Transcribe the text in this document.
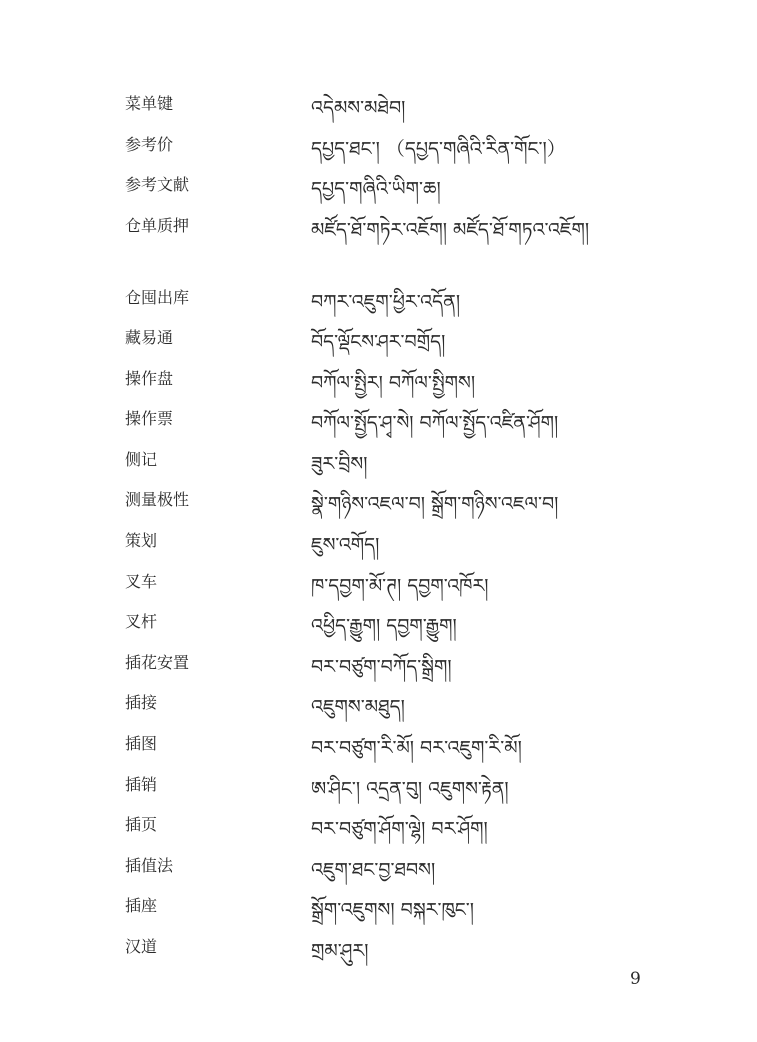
菜单键	འདེམས་མཐེབ།
参考价	དཔྱད་ཐང་། （དཔྱད་གཞིའི་རིན་གོང་།）
参考文献	དཔྱད་གཞིའི་ཡིག་ཆ།
仓单质押	མཛོད་ཐོ་གཏེར་འཇོག། མཛོད་ཐོ་གཏའ་འཇོག།
仓囤出库	བཀར་འཇུག་ཕྱིར་འདོན།
藏易通	བོད་ལྡོངས་ཤར་བགྲོད།
操作盘	བཀོལ་སྤྱིར། བཀོལ་སྤྱིགས།
操作票	བཀོལ་སྤྱོད་ཤྭ་སེ། བཀོལ་སྤྱོད་འཛིན་ཤོག།
侧记	ཟུར་བྲིས།
测量极性	སྣེ་གཉིས་འཇལ་བ། སྒྲོག་གཉིས་འཇལ་བ།
策划	ཇུས་འགོད།
叉车	ཁ་དབྱག་མོ་ཊ། དབྱག་འཁོར།
叉杆	འཕྱིད་རྒྱུག། དབྱག་རྒྱུག།
插花安置	བར་བཙུག་བཀོད་སྒྲིག།
插接	འཇུགས་མཐུད།
插图	བར་བཙུག་རི་མོ། བར་འཇུག་རི་མོ།
插销	ཨ་ཤིང་། འདྲན་བུ། འཇུགས་རྟེན།
插页	བར་བཙུག་ཤོག་ལྷེ། བར་ཤོག།
插值法	འཇུག་ཐང་བྱ་ཐབས།
插座	སྒྲོག་འཇུགས། བསྐར་ཁུང་།
汉道	གྲམ་ཤུར།
9
